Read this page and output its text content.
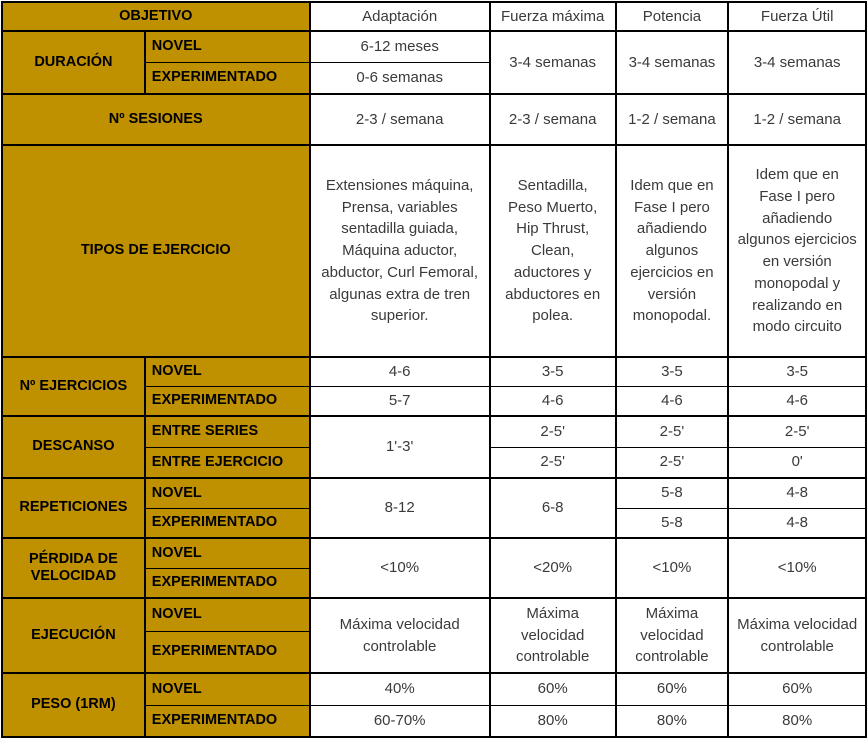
OBJETIVO		Adaptación	Fuerza máxima	Potencia	Fuerza Útil
DURACIÓN	NOVEL	6-12 meses	3-4 semanas	3-4 semanas	3-4 semanas
	EXPERIMENTADO	0-6 semanas			
Nº SESIONES		2-3 / semana	2-3 / semana	1-2 / semana	1-2 / semana
TIPOS DE EJERCICIO		Extensiones máquina, Prensa, variables sentadilla guiada, Máquina aductor, abductor, Curl Femoral, algunas extra de tren superior.	Sentadilla, Peso Muerto, Hip Thrust, Clean, aductores y abductores en polea.	Idem que en Fase I pero añadiendo algunos ejercicios en versión monopodal.	Idem que en Fase I pero añadiendo algunos ejercicios en versión monopodal y realizando en modo circuito
Nº EJERCICIOS	NOVEL	4-6	3-5	3-5	3-5
	EXPERIMENTADO	5-7	4-6	4-6	4-6
DESCANSO	ENTRE SERIES	1'-3'	2-5'	2-5'	2-5'
	ENTRE EJERCICIO		2-5'	2-5'	0'
REPETICIONES	NOVEL	8-12	6-8	5-8	4-8
	EXPERIMENTADO			5-8	4-8
PÉRDIDA DE VELOCIDAD	NOVEL	<10%	<20%	<10%	<10%
	EXPERIMENTADO				
EJECUCIÓN	NOVEL	Máxima velocidad controlable	Máxima velocidad controlable	Máxima velocidad controlable	Máxima velocidad controlable
	EXPERIMENTADO				
PESO (1RM)	NOVEL	40%	60%	60%	60%
	EXPERIMENTADO	60-70%	80%	80%	80%
